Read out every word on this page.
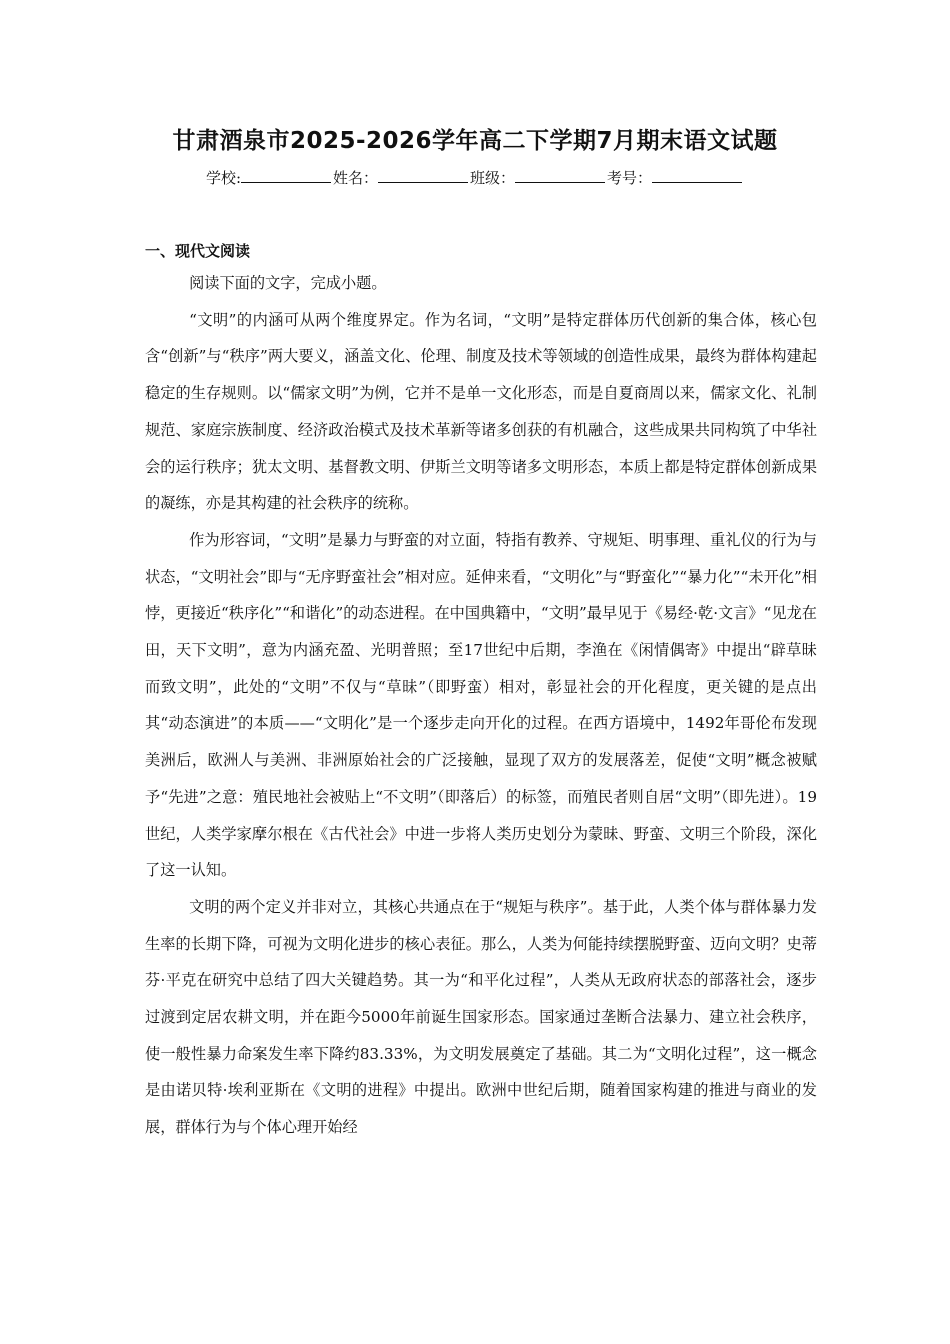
甘肃酒泉市2025-2026学年高二下学期7月期末语文试题
学校:	姓名：	班级：	考号：
一、现代文阅读

阅读下面的文字，完成小题。

“文明”的内涵可从两个维度界定。作为名词，“文明”是特定群体历代创新的集合体，核心包含“创新”与“秩序”两大要义，涵盖文化、伦理、制度及技术等领域的创造性成果，最终为群体构建起稳定的生存规则。以“儒家文明”为例，它并不是单一文化形态，而是自夏商周以来，儒家文化、礼制规范、家庭宗族制度、经济政治模式及技术革新等诸多创获的有机融合，这些成果共同构筑了中华社会的运行秩序；犹太文明、基督教文明、伊斯兰文明等诸多文明形态，本质上都是特定群体创新成果的凝练，亦是其构建的社会秩序的统称。

作为形容词，“文明”是暴力与野蛮的对立面，特指有教养、守规矩、明事理、重礼仪的行为与状态，“文明社会”即与“无序野蛮社会”相对应。延伸来看，“文明化”与“野蛮化”“暴力化”“未开化”相悖，更接近“秩序化”“和谐化”的动态进程。在中国典籍中，“文明”最早见于《易经·乾·文言》“见龙在田，天下文明”，意为内涵充盈、光明普照；至17世纪中后期，李渔在《闲情偶寄》中提出“辟草昧而致文明”，此处的“文明”不仅与“草昧”（即野蛮）相对，彰显社会的开化程度，更关键的是点出其“动态演进”的本质——“文明化”是一个逐步走向开化的过程。在西方语境中，1492年哥伦布发现美洲后，欧洲人与美洲、非洲原始社会的广泛接触，显现了双方的发展落差，促使“文明”概念被赋予“先进”之意：殖民地社会被贴上“不文明”（即落后）的标签，而殖民者则自居“文明”（即先进）。19世纪，人类学家摩尔根在《古代社会》中进一步将人类历史划分为蒙昧、野蛮、文明三个阶段，深化了这一认知。

文明的两个定义并非对立，其核心共通点在于“规矩与秩序”。基于此，人类个体与群体暴力发生率的长期下降，可视为文明化进步的核心表征。那么，人类为何能持续摆脱野蛮、迈向文明？史蒂芬·平克在研究中总结了四大关键趋势。其一为“和平化过程”，人类从无政府状态的部落社会，逐步过渡到定居农耕文明，并在距今5000年前诞生国家形态。国家通过垄断合法暴力、建立社会秩序，使一般性暴力命案发生率下降约83.33%，为文明发展奠定了基础。其二为“文明化过程”，这一概念是由诺贝特·埃利亚斯在《文明的进程》中提出。欧洲中世纪后期，随着国家构建的推进与商业的发展，群体行为与个体心理开始经
